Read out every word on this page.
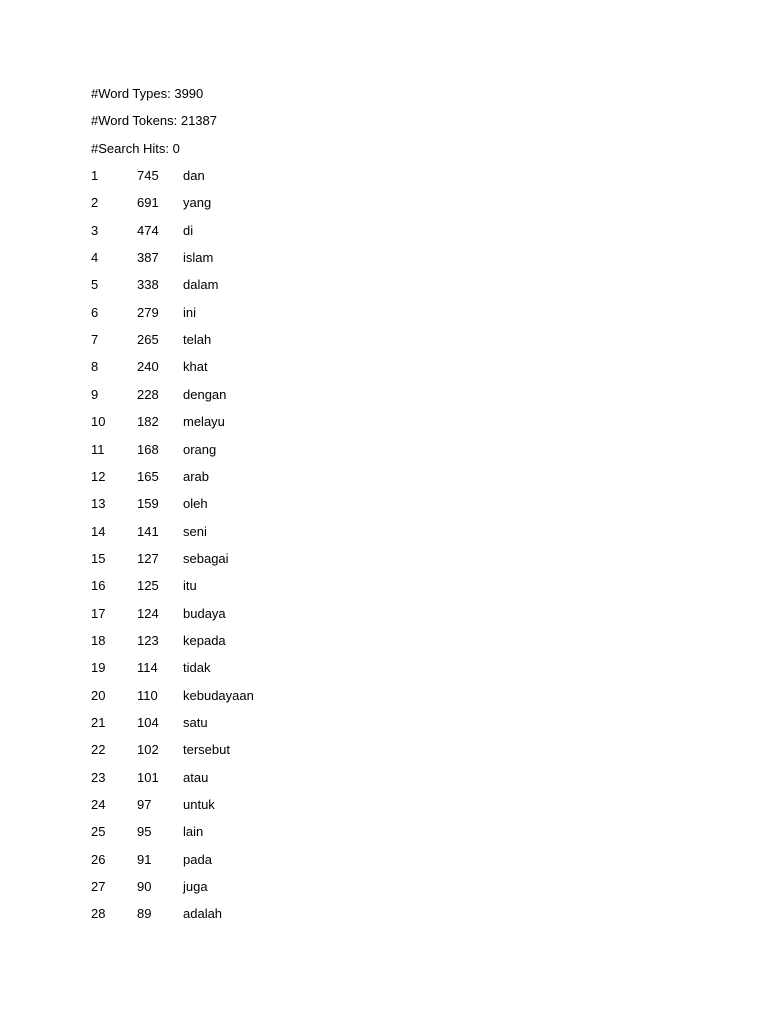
#Word Types: 3990
#Word Tokens: 21387
#Search Hits: 0
1	745 dan
2	691 yang
3	474 di
4	387 islam
5	338 dalam
6	279 ini
7	265 telah
8	240 khat
9	228 dengan
10 182 melayu
11	168 orang
12 165 arab
13 159 oleh
14 141 seni
15 127 sebagai
16 125 itu
17 124 budaya
18 123 kepada
19 114 tidak
20 110 kebudayaan
21 104 satu
22 102 tersebut
23 101 atau
24 97 untuk
25 95 lain
26 91 pada
27 90 juga
28 89 adalah
